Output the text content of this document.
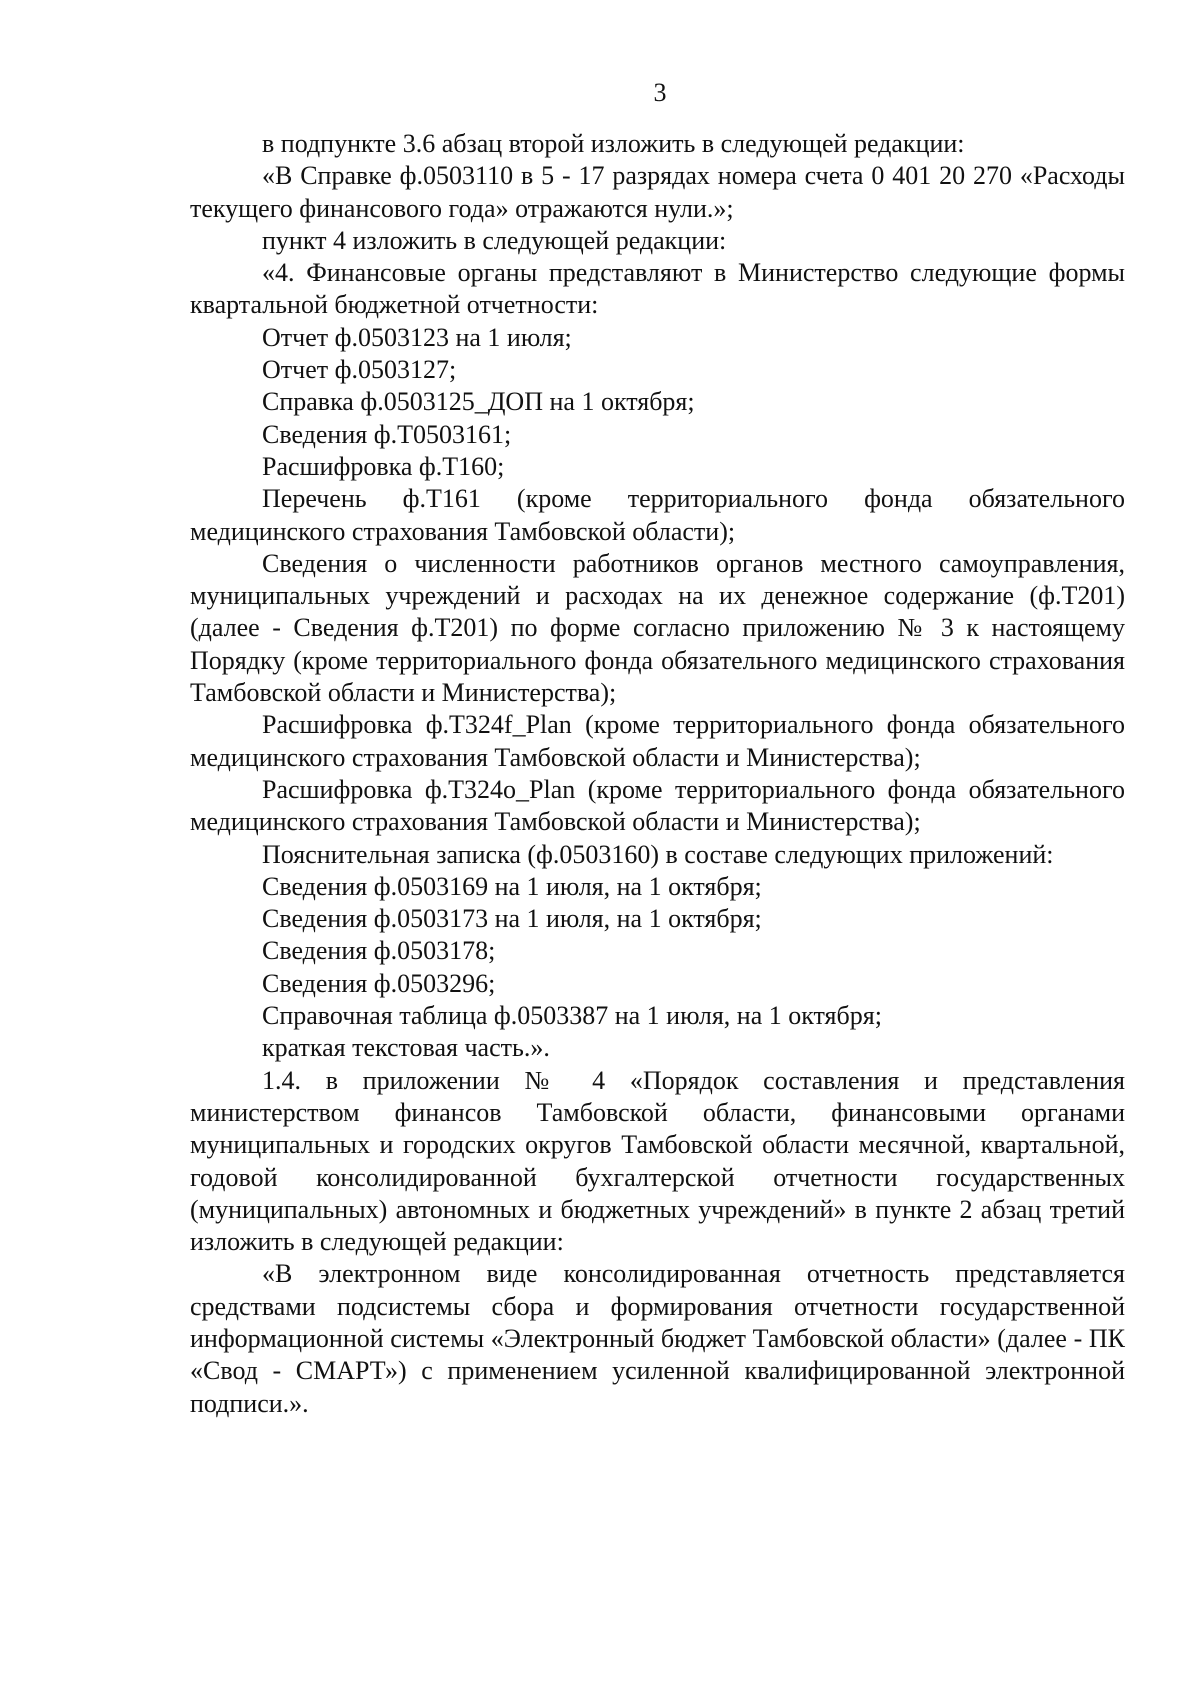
3

в подпункте 3.6 абзац второй изложить в следующей редакции:

«В Справке ф.0503110 в 5 - 17 разрядах номера счета 0 401 20 270 «Расходы текущего финансового года» отражаются нули.»;

пункт 4 изложить в следующей редакции:

«4. Финансовые органы представляют в Министерство следующие формы квартальной бюджетной отчетности:

Отчет ф.0503123 на 1 июля;

Отчет ф.0503127;

Справка ф.0503125_ДОП на 1 октября;

Сведения ф.Т0503161;

Расшифровка ф.Т160;

Перечень ф.Т161 (кроме территориального фонда обязательного медицинского страхования Тамбовской области);

Сведения о численности работников органов местного самоуправления, муниципальных учреждений и расходах на их денежное содержание (ф.Т201) (далее - Сведения ф.Т201) по форме согласно приложению № 3 к настоящему Порядку (кроме территориального фонда обязательного медицинского страхования Тамбовской области и Министерства);

Расшифровка ф.Т324f_Plan (кроме территориального фонда обязательного медицинского страхования Тамбовской области и Министерства);

Расшифровка ф.Т324о_Plan (кроме территориального фонда обязательного медицинского страхования Тамбовской области и Министерства);

Пояснительная записка (ф.0503160) в составе следующих приложений:

Сведения ф.0503169 на 1 июля, на 1 октября;

Сведения ф.0503173 на 1 июля, на 1 октября;

Сведения ф.0503178;

Сведения ф.0503296;

Справочная таблица ф.0503387 на 1 июля, на 1 октября;

краткая текстовая часть.».

1.4. в приложении № 4 «Порядок составления и представления министерством финансов Тамбовской области, финансовыми органами муниципальных и городских округов Тамбовской области месячной, квартальной, годовой консолидированной бухгалтерской отчетности государственных (муниципальных) автономных и бюджетных учреждений» в пункте 2 абзац третий изложить в следующей редакции:

«В электронном виде консолидированная отчетность представляется средствами подсистемы сбора и формирования отчетности государственной информационной системы «Электронный бюджет Тамбовской области» (далее - ПК «Свод - СМАРТ») с применением усиленной квалифицированной электронной подписи.».
